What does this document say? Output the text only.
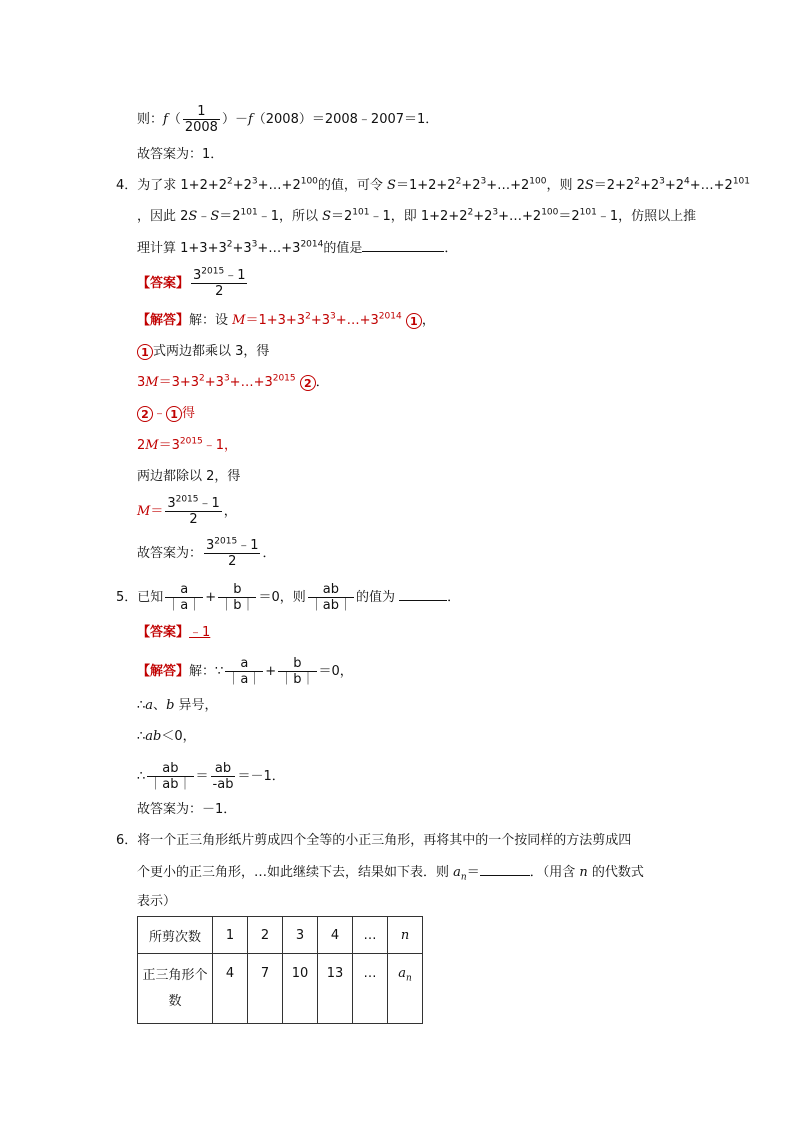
则：$f( \frac{1}{2008}$ ）－f（2008）＝2008﹣2007＝1．
故答案为：1．
4．为了求 $1+2+2^2+2^3+\dots+2^{100}$的值，可令 $S=1+2+2^2+2^3+\dots+2^{100}$，则 $2S=2+2^2+2^3+2^4+\dots+2^{101}$
，因此 $2S﹣S=2^{101}﹣1$，所以 $S=2^{101}﹣1$，即 $1+2+2^2+2^3+\dots+2^{100}=2^{101}﹣1$，仿照以上推
理计算 $1+3+3^2+3^3+\dots+3^{2014}$的值是	．
【答案】 $\frac{3^{2015}﹣1}{2}$
【解答】解：设 $M=1+3+3^2+3^3+\dots+3^{2014}$ 1 ，
1 式两边都乘以 3，得
$3M=3+3^2+3^3+\dots+3^{2015}$ 2 ．
2 ﹣ 1 得
$2M=3^{2015}﹣1$，
两边都除以 2，得
$M= \frac{3^{2015}﹣1}{2}$ ，
故答案为： $\frac{3^{2015}﹣1}{2}$ ．
5．已知 $\frac{a}{|a|} + \frac{b}{|b|} =0$，则 $\frac{ab}{|ab|}$ 的值为	．
【答案】﹣1
【解答】解：∵ $\frac{a}{|a|} + \frac{b}{|b|} =0$，
∴a、b 异号，
∴ab＜0，
∴ $\frac{ab}{|ab|} = \frac{ab}{-ab} =-1$．
故答案为：－1．
6．将一个正三角形纸片剪成四个全等的小正三角形，再将其中的一个按同样的方法剪成四
个更小的正三角形，…如此继续下去，结果如下表．则 $a_n=$	．（用含 n 的代数式
表示）
所剪次数	1	2	3	4	…	n
正三角形个
数	4	7	10	13	…	$a_n$
